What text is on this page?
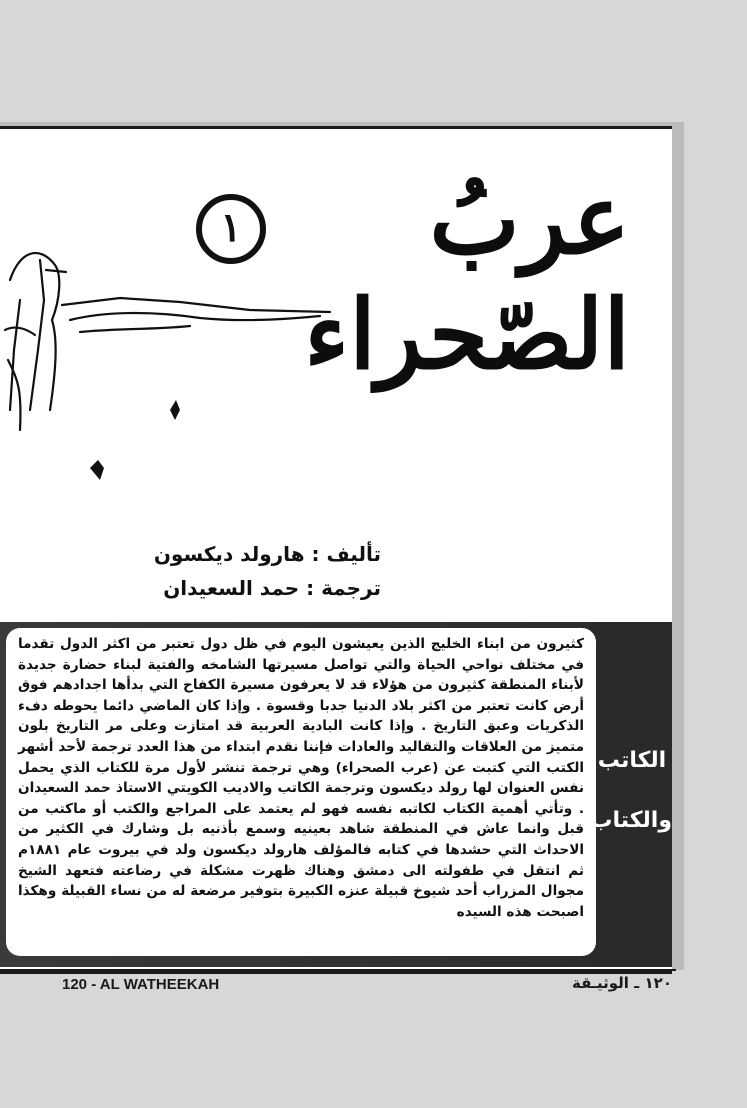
عربُ
الصّحراء
١
تأليف : هارولد ديكسون
ترجمة : حمد السعيدان

كثيرون من ابناء الخليج الذين يعيشون اليوم في ظل دول تعتبر من اكثر الدول تقدما في مختلف نواحي الحياة والتي تواصل مسيرتها الشامخه والفتية لبناء حضارة جديدة لأبناء المنطقة كثيرون من هؤلاء قد لا يعرفون مسيرة الكفاح التي بدأها اجدادهم فوق أرض كانت تعتبر من اكثر بلاد الدنيا جدبا وقسوة . وإذا كان الماضي دائما يحوطه دفء الذكريات وعبق التاريخ . وإذا كانت البادية العربية قد امتازت وعلى مر التاريخ بلون متميز من العلاقات والتقاليد والعادات فإننا نقدم ابتداء من هذا العدد ترجمة لأحد أشهر الكتب التي كتبت عن (عرب الصحراء) وهي ترجمة تنشر لأول مرة للكتاب الذي يحمل نفس العنوان لها رولد ديكسون وترجمة الكاتب والاديب الكويتي الاستاذ حمد السعيدان . وتأتي أهمية الكتاب لكاتبه نفسه فهو لم يعتمد على المراجع والكتب أو ماكتب من قبل وانما عاش في المنطقة شاهد بعينيه وسمع بأذنيه بل وشارك في الكثير من الاحداث التي حشدها في كتابه فالمؤلف هارولد ديكسون ولد في بيروت عام ١٨٨١م ثم انتقل في طفولته الى دمشق وهناك ظهرت مشكلة في رضاعته فتعهد الشيخ مجوال المزراب أحد شيوخ قبيلة عنزه الكبيرة بتوفير مرضعة له من نساء القبيلة وهكذا اصبحت هذه السيده

الكاتب
والكتاب
120 - AL WATHEEKAH	١٢٠ ـ الوثيـقة
